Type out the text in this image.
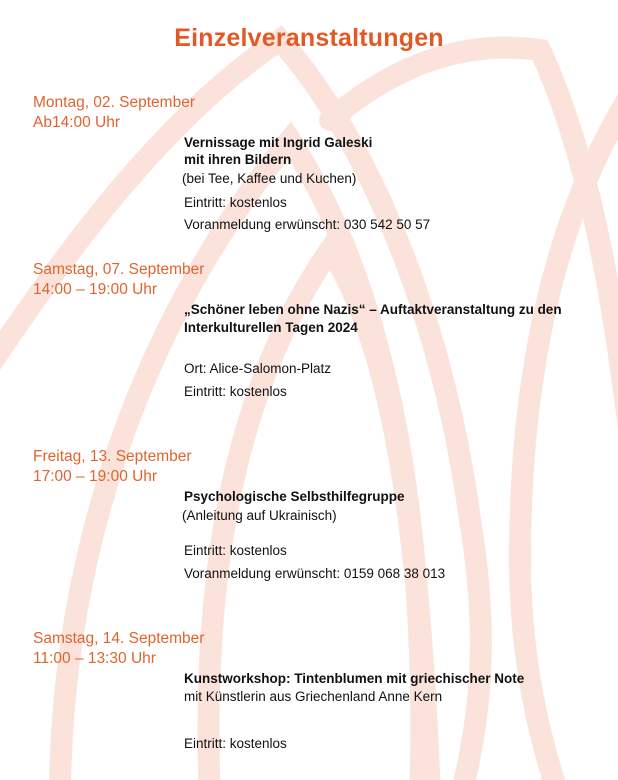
Einzelveranstaltungen
Montag, 02. September
Ab14:00 Uhr
Vernissage mit Ingrid Galeski
mit ihren Bildern
(bei Tee, Kaffee und Kuchen)
Eintritt: kostenlos
Voranmeldung erwünscht: 030 542 50 57
Samstag, 07. September
14:00 – 19:00 Uhr
„Schöner leben ohne Nazis“ – Auftaktveranstaltung zu den
Interkulturellen Tagen 2024
Ort: Alice-Salomon-Platz
Eintritt: kostenlos
Freitag, 13. September
17:00 – 19:00 Uhr
Psychologische Selbsthilfegruppe
(Anleitung auf Ukrainisch)
Eintritt: kostenlos
Voranmeldung erwünscht: 0159 068 38 013
Samstag, 14. September
11:00 – 13:30 Uhr
Kunstworkshop: Tintenblumen mit griechischer Note
mit Künstlerin aus Griechenland Anne Kern
Eintritt: kostenlos
